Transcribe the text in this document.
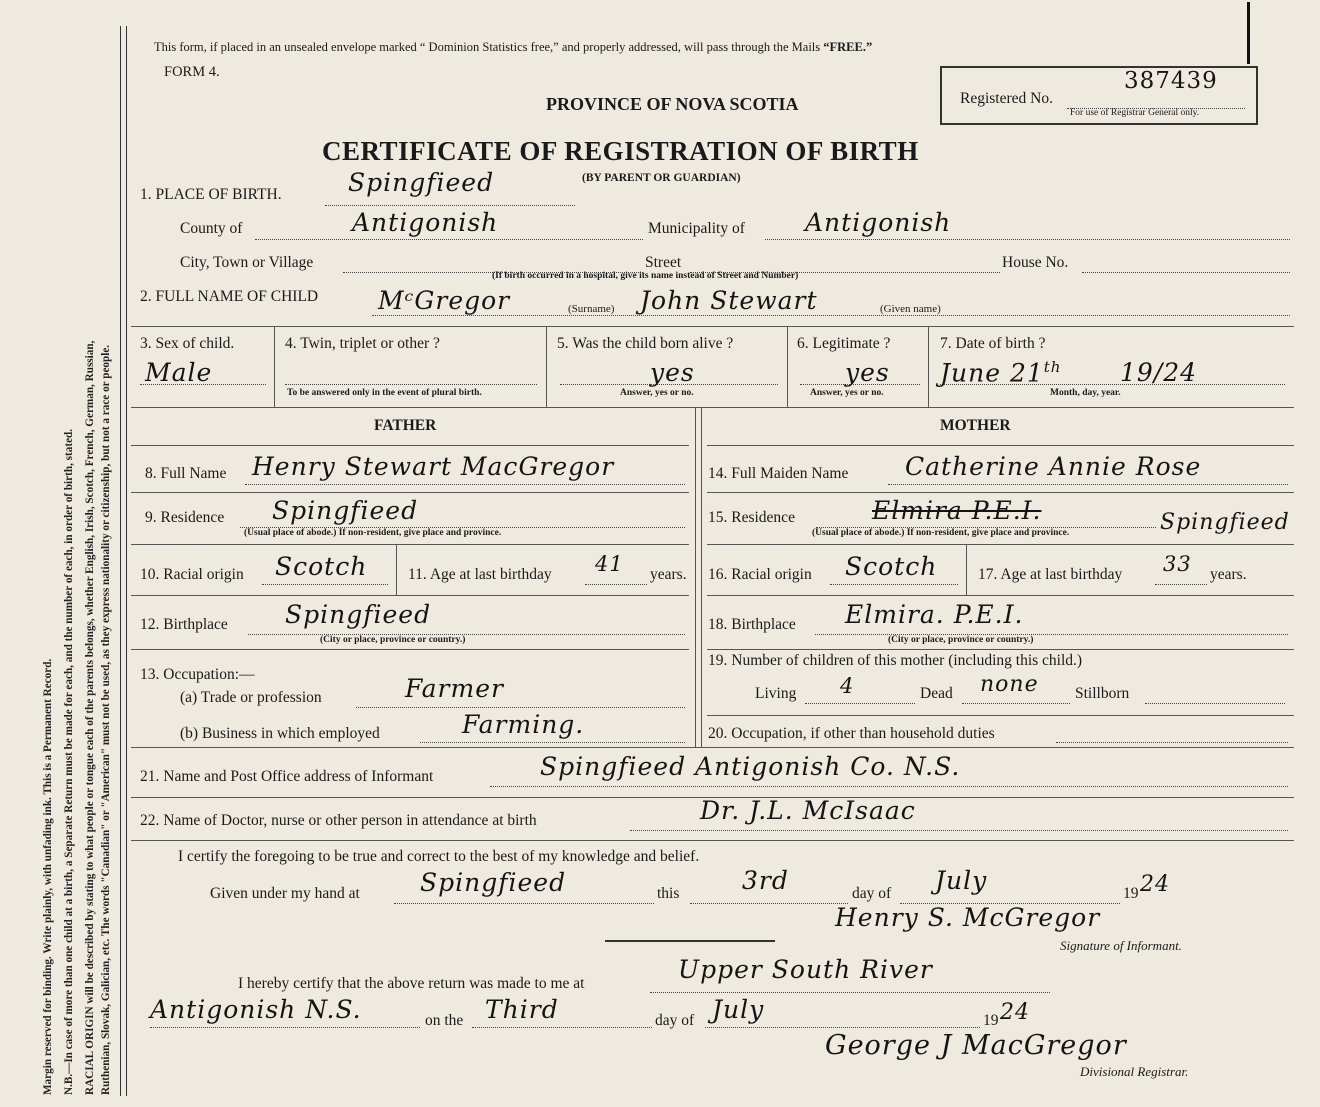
Margin reserved for binding. Write plainly, with unfading ink. This is a Permanent Record. N.B.—In case of more than one child at a birth, a Separate Return must be made for each, and the number of each, in order of birth, stated. RACIAL ORIGIN will be described by stating to what people or tongue each of the parents belongs, whether English, Irish, Scotch, French, German, Russian, Ruthenian, Slovak, Galician, etc. The words "Canadian" or "American" must not be used, as they express nationality or citizenship, but not a race or people.
This form, if placed in an unsealed envelope marked “ Dominion Statistics free,” and properly addressed, will pass through the Mails “FREE.”
FORM 4.
PROVINCE OF NOVA SCOTIA
CERTIFICATE OF REGISTRATION OF BIRTH
(BY PARENT OR GUARDIAN)
Registered No.
387439
For use of Registrar General only.
1. PLACE OF BIRTH.	Spingfieed
County of	Antigonish	Municipality of Antigonish
City, Town or Village	Street	House No.
(If birth occurred in a hospital, give its name instead of Street and Number)
2. FULL NAME OF CHILD MᶜGregor	(Surname) John Stewart	(Given name)
3. Sex of child.
Male
4. Twin, triplet or other ?
To be answered only in the event of plural birth.
5. Was the child born alive ?
yes
Answer, yes or no.
6. Legitimate ?
yes
Answer, yes or no.
7. Date of birth ?
June 21th 19/24
Month, day, year.
FATHER	MOTHER
8. Full Name Henry Stewart MacGregor
9. Residence Spingfieed
(Usual place of abode.) If non-resident, give place and province.
10. Racial origin Scotch	11. Age at last birthday 41 years.
12. Birthplace Spingfieed
(City or place, province or country.)
13. Occupation:—
(a) Trade or profession	Farmer
(b) Business in which employed	Farming.
14. Full Maiden Name Catherine Annie Rose
15. Residence	Elmira P.E.I.	Spingfieed
(Usual place of abode.) If non-resident, give place and province.
16. Racial origin Scotch	17. Age at last birthday 33 years.
18. Birthplace Elmira. P.E.I.
(City or place, province or country.)
19. Number of children of this mother (including this child.)
Living 4	Dead none Stillborn
20. Occupation, if other than household duties
21. Name and Post Office address of Informant	Spingfieed Antigonish Co. N.S.
22. Name of Doctor, nurse or other person in attendance at birth	Dr. J.L. McIsaac
I certify the foregoing to be true and correct to the best of my knowledge and belief.
Given under my hand at Spingfieed	this	3rd	day of July	19 24
Henry S. McGregor
Signature of Informant.
I hereby certify that the above return was made to me at	Upper South River
Antigonish N.S.	on the Third	day of July	19 24
George J MacGregor
Divisional Registrar.
